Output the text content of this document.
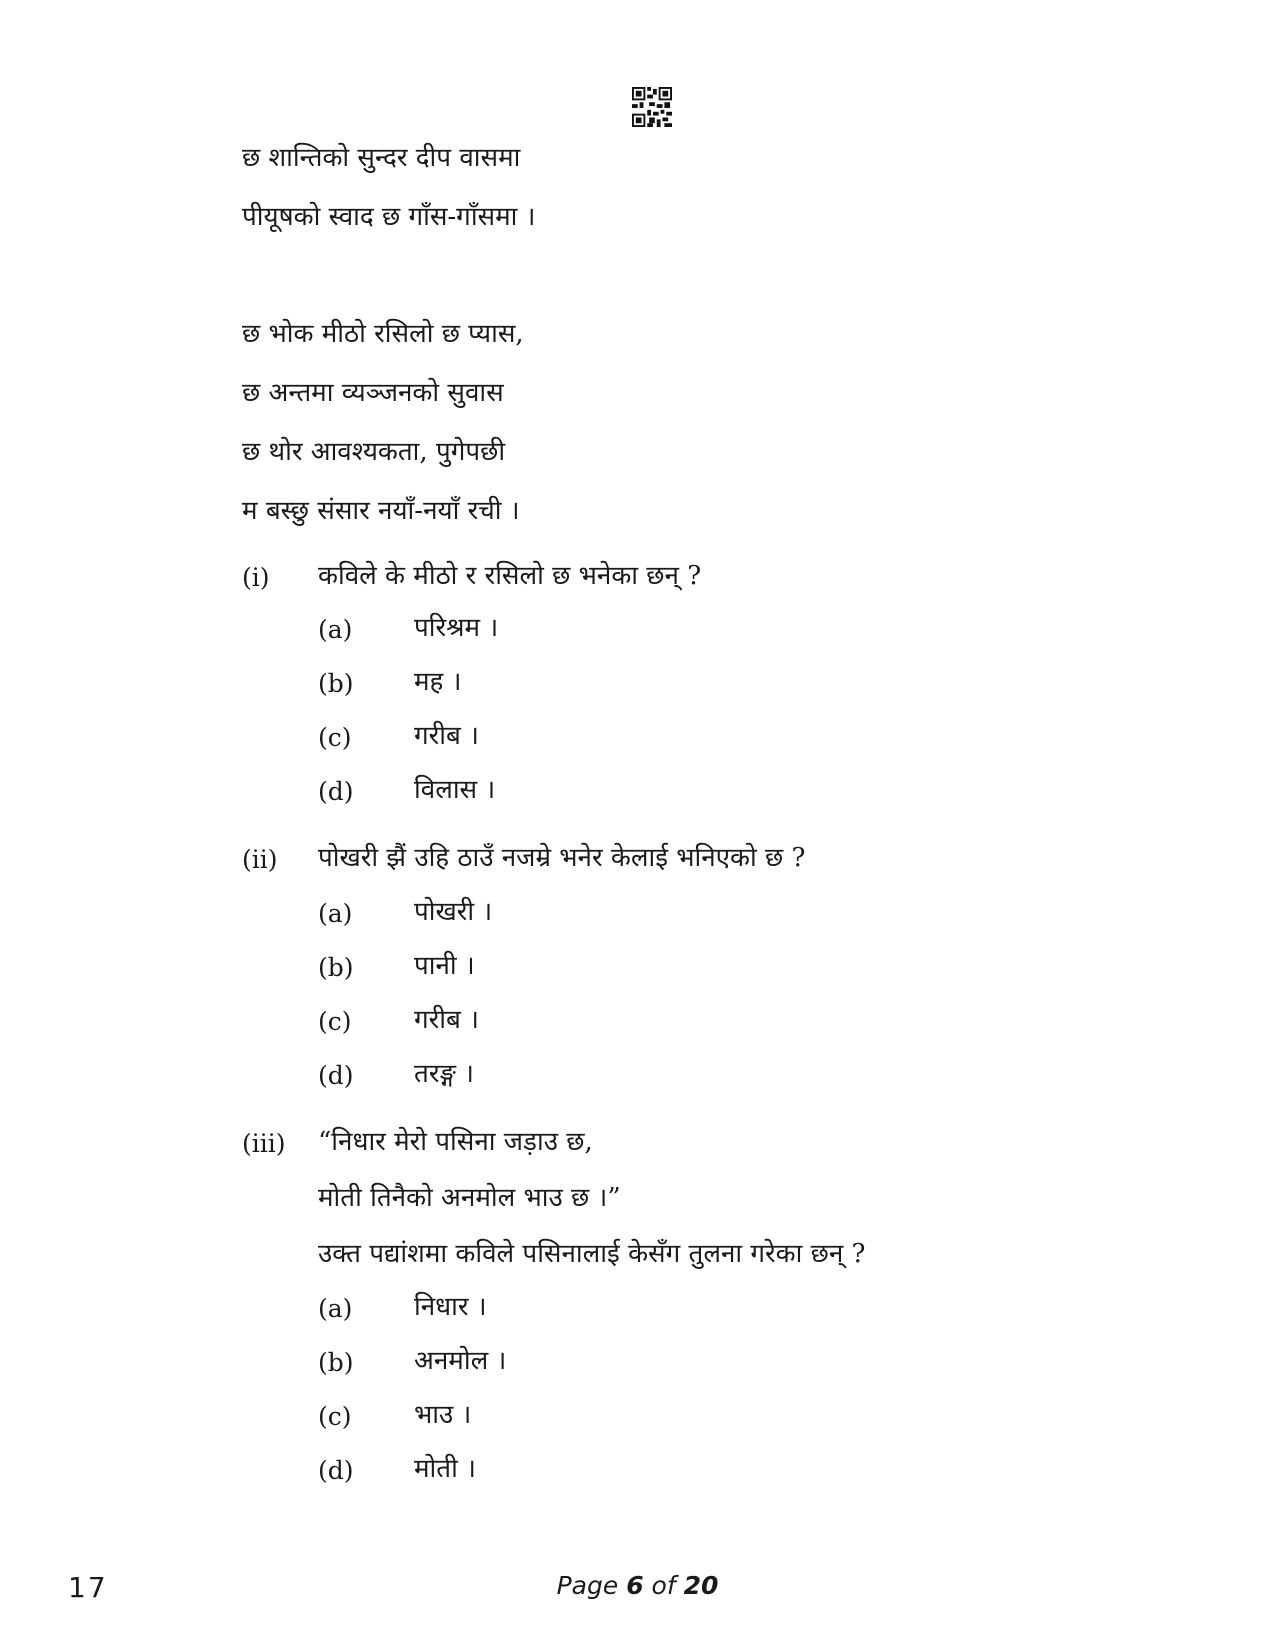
छ शान्तिको सुन्दर दीप वासमा
पीयूषको स्वाद छ गाँस-गाँसमा ।
छ भोक मीठो रसिलो छ प्यास,
छ अन्तमा व्यञ्जनको सुवास
छ थोर आवश्यकता, पुगेपछी
म बस्छु संसार नयाँ-नयाँ रची ।
(i) कविले के मीठो र रसिलो छ भनेका छन् ?
(a) परिश्रम ।
(b) मह ।
(c) गरीब ।
(d) विलास ।
(ii) पोखरी झैं उहि ठाउँ नजम्रे भनेर केलाई भनिएको छ ?
(a) पोखरी ।
(b) पानी ।
(c) गरीब ।
(d) तरङ्ग ।
(iii) “निधार मेरो पसिना जड़ाउ छ,
मोती तिनैको अनमोल भाउ छ ।”
उक्त पद्यांशमा कविले पसिनालाई केसँग तुलना गरेका छन् ?
(a) निधार ।
(b) अनमोल ।
(c) भाउ ।
(d) मोती ।
17	Page 6 of 20
